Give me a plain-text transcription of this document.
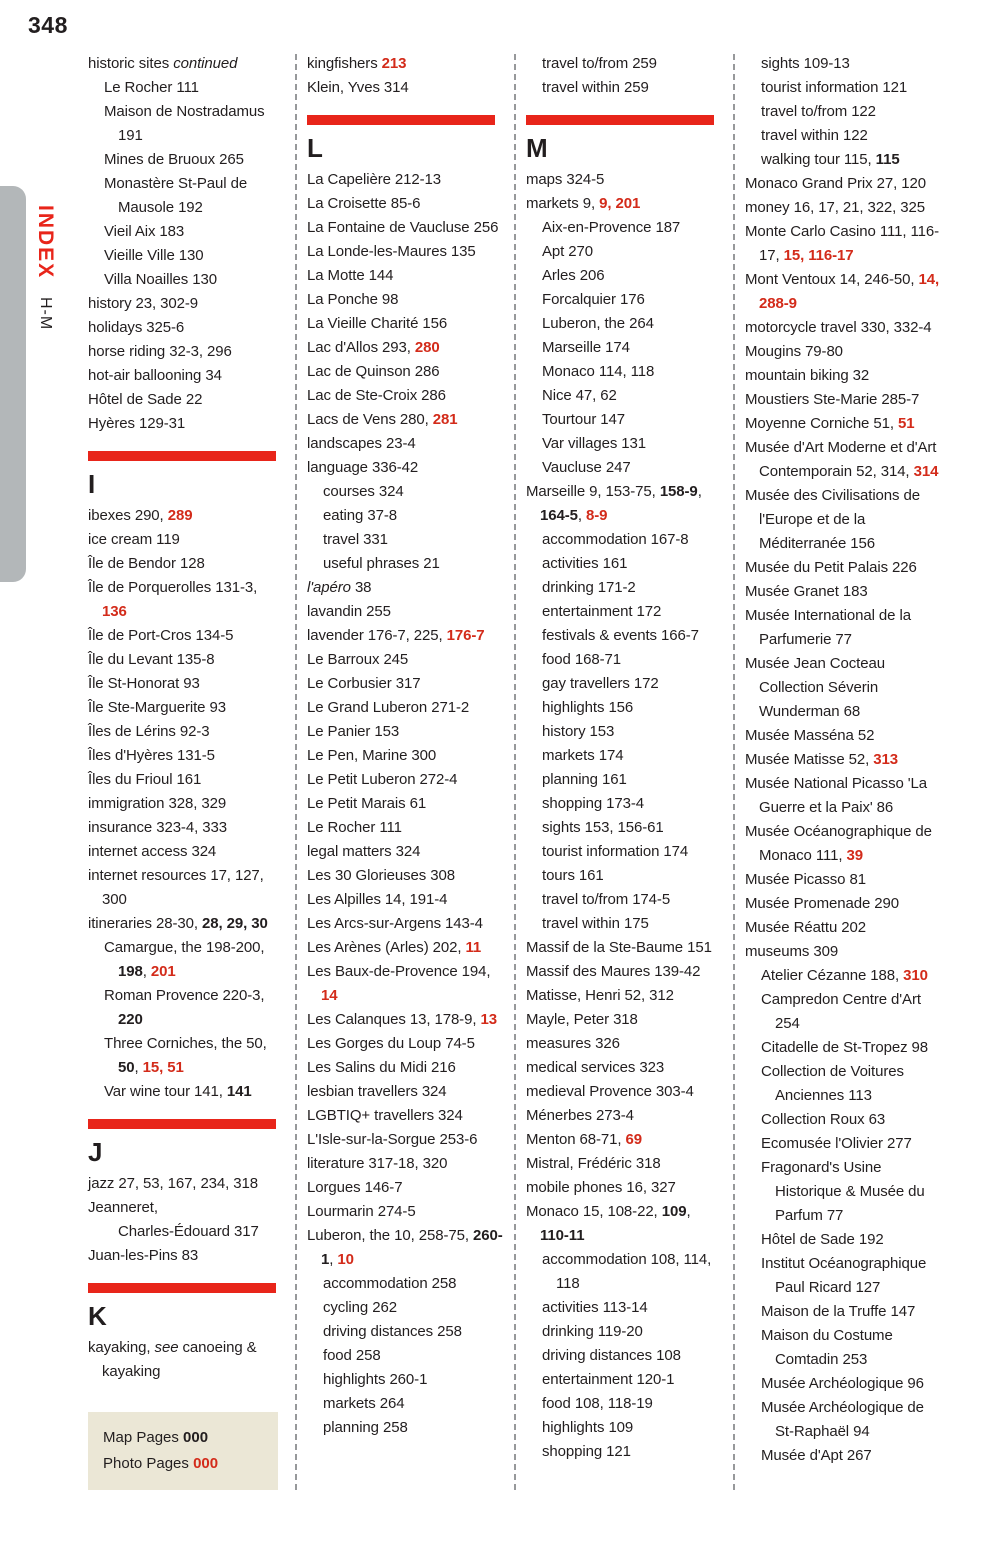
348
INDEX H-M

historic sites continued

Le Rocher 111

Maison de Nostradamus 191

Mines de Bruoux 265

Monastère St-Paul de Mausole 192

Vieil Aix 183

Vieille Ville 130

Villa Noailles 130

history 23, 302-9

holidays 325-6

horse riding 32-3, 296

hot-air ballooning 34

Hôtel de Sade 22

Hyères 129-31

I

ibexes 290, 289

ice cream 119

Île de Bendor 128

Île de Porquerolles 131-3, 136

Île de Port-Cros 134-5

Île du Levant 135-8

Île St-Honorat 93

Île Ste-Marguerite 93

Îles de Lérins 92-3

Îles d'Hyères 131-5

Îles du Frioul 161

immigration 328, 329

insurance 323-4, 333

internet access 324

internet resources 17, 127, 300

itineraries 28-30, 28, 29, 30

Camargue, the 198-200, 198, 201

Roman Provence 220-3, 220

Three Corniches, the 50, 50, 15, 51

Var wine tour 141, 141

J

jazz 27, 53, 167, 234, 318

Jeanneret,

Charles-Édouard 317

Juan-les-Pins 83

K

kayaking, see canoeing & kayaking

Map Pages 000

Photo Pages 000

kingfishers 213

Klein, Yves 314

L

La Capelière 212-13

La Croisette 85-6

La Fontaine de Vaucluse 256

La Londe-les-Maures 135

La Motte 144

La Ponche 98

La Vieille Charité 156

Lac d'Allos 293, 280

Lac de Quinson 286

Lac de Ste-Croix 286

Lacs de Vens 280, 281

landscapes 23-4

language 336-42

courses 324

eating 37-8

travel 331

useful phrases 21

l'apéro 38

lavandin 255

lavender 176-7, 225, 176-7

Le Barroux 245

Le Corbusier 317

Le Grand Luberon 271-2

Le Panier 153

Le Pen, Marine 300

Le Petit Luberon 272-4

Le Petit Marais 61

Le Rocher 111

legal matters 324

Les 30 Glorieuses 308

Les Alpilles 14, 191-4

Les Arcs-sur-Argens 143-4

Les Arènes (Arles) 202, 11

Les Baux-de-Provence 194, 14

Les Calanques 13, 178-9, 13

Les Gorges du Loup 74-5

Les Salins du Midi 216

lesbian travellers 324

LGBTIQ+ travellers 324

L'Isle-sur-la-Sorgue 253-6

literature 317-18, 320

Lorgues 146-7

Lourmarin 274-5

Luberon, the 10, 258-75, 260-1, 10

accommodation 258

cycling 262

driving distances 258

food 258

highlights 260-1

markets 264

planning 258

travel to/from 259

travel within 259

M

maps 324-5

markets 9, 9, 201

Aix-en-Provence 187

Apt 270

Arles 206

Forcalquier 176

Luberon, the 264

Marseille 174

Monaco 114, 118

Nice 47, 62

Tourtour 147

Var villages 131

Vaucluse 247

Marseille 9, 153-75, 158-9, 164-5, 8-9

accommodation 167-8

activities 161

drinking 171-2

entertainment 172

festivals & events 166-7

food 168-71

gay travellers 172

highlights 156

history 153

markets 174

planning 161

shopping 173-4

sights 153, 156-61

tourist information 174

tours 161

travel to/from 174-5

travel within 175

Massif de la Ste-Baume 151

Massif des Maures 139-42

Matisse, Henri 52, 312

Mayle, Peter 318

measures 326

medical services 323

medieval Provence 303-4

Ménerbes 273-4

Menton 68-71, 69

Mistral, Frédéric 318

mobile phones 16, 327

Monaco 15, 108-22, 109, 110-11

accommodation 108, 114, 118

activities 113-14

drinking 119-20

driving distances 108

entertainment 120-1

food 108, 118-19

highlights 109

shopping 121

sights 109-13

tourist information 121

travel to/from 122

travel within 122

walking tour 115, 115

Monaco Grand Prix 27, 120

money 16, 17, 21, 322, 325

Monte Carlo Casino 111, 116-17, 15, 116-17

Mont Ventoux 14, 246-50, 14, 288-9

motorcycle travel 330, 332-4

Mougins 79-80

mountain biking 32

Moustiers Ste-Marie 285-7

Moyenne Corniche 51, 51

Musée d'Art Moderne et d'Art Contemporain 52, 314, 314

Musée des Civilisations de l'Europe et de la Méditerranée 156

Musée du Petit Palais 226

Musée Granet 183

Musée International de la Parfumerie 77

Musée Jean Cocteau Collection Séverin Wunderman 68

Musée Masséna 52

Musée Matisse 52, 313

Musée National Picasso 'La Guerre et la Paix' 86

Musée Océanographique de Monaco 111, 39

Musée Picasso 81

Musée Promenade 290

Musée Réattu 202

museums 309

Atelier Cézanne 188, 310

Campredon Centre d'Art 254

Citadelle de St-Tropez 98

Collection de Voitures Anciennes 113

Collection Roux 63

Ecomusée l'Olivier 277

Fragonard's Usine Historique & Musée du Parfum 77

Hôtel de Sade 192

Institut Océanographique Paul Ricard 127

Maison de la Truffe 147

Maison du Costume Comtadin 253

Musée Archéologique 96

Musée Archéologique de St-Raphaël 94

Musée d'Apt 267
